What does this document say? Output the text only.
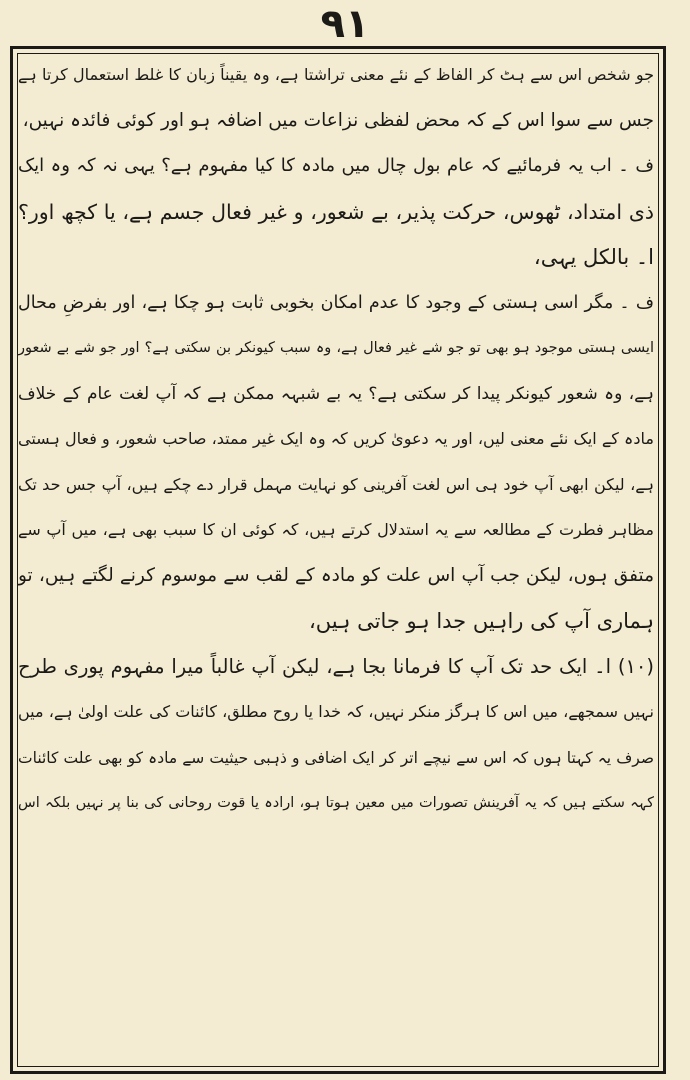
۹۱
جو شخص اس سے ہٹ کر الفاظ کے نئے معنی تراشتا ہے، وہ یقیناً زبان کا غلط استعمال کرتا ہے
جس سے سوا اس کے کہ محض لفظی نزاعات میں اضافہ ہو اور کوئی فائدہ نہیں،
ف ۔ اب یہ فرمائیے کہ عام بول چال میں مادہ کا کیا مفہوم ہے؟ یہی نہ کہ وہ ایک
ذی امتداد، ٹھوس، حرکت پذیر، بے شعور، و غیر فعال جسم ہے، یا کچھ اور؟
ا۔ بالکل یہی،
ف ۔ مگر اسی ہستی کے وجود کا عدم امکان بخوبی ثابت ہو چکا ہے، اور بفرضِ محال
ایسی ہستی موجود ہو بھی تو جو شے غیر فعال ہے، وہ سبب کیونکر بن سکتی ہے؟ اور جو شے بے شعور
ہے، وہ شعور کیونکر پیدا کر سکتی ہے؟ یہ بے شبہہ ممکن ہے کہ آپ لغت عام کے خلاف
مادہ کے ایک نئے معنی لیں، اور یہ دعویٰ کریں کہ وہ ایک غیر ممتد، صاحب شعور، و فعال ہستی
ہے، لیکن ابھی آپ خود ہی اس لغت آفرینی کو نہایت مہمل قرار دے چکے ہیں، آپ جس حد تک
مظاہر فطرت کے مطالعہ سے یہ استدلال کرتے ہیں، کہ کوئی ان کا سبب بھی ہے، میں آپ سے
متفق ہوں، لیکن جب آپ اس علت کو مادہ کے لقب سے موسوم کرنے لگتے ہیں، تو
ہماری آپ کی راہیں جدا ہو جاتی ہیں،
(۱۰) ا۔ ایک حد تک آپ کا فرمانا بجا ہے، لیکن آپ غالباً میرا مفہوم پوری طرح
نہیں سمجھے، میں اس کا ہرگز منکر نہیں، کہ خدا یا روح مطلق، کائنات کی علت اولیٰ ہے، میں
صرف یہ کہتا ہوں کہ اس سے نیچے اتر کر ایک اضافی و ذہبی حیثیت سے مادہ کو بھی علت کائنات
کہہ سکتے ہیں کہ یہ آفرینش تصورات میں معین ہوتا ہو، ارادہ یا قوت روحانی کی بنا پر نہیں بلکہ اس
